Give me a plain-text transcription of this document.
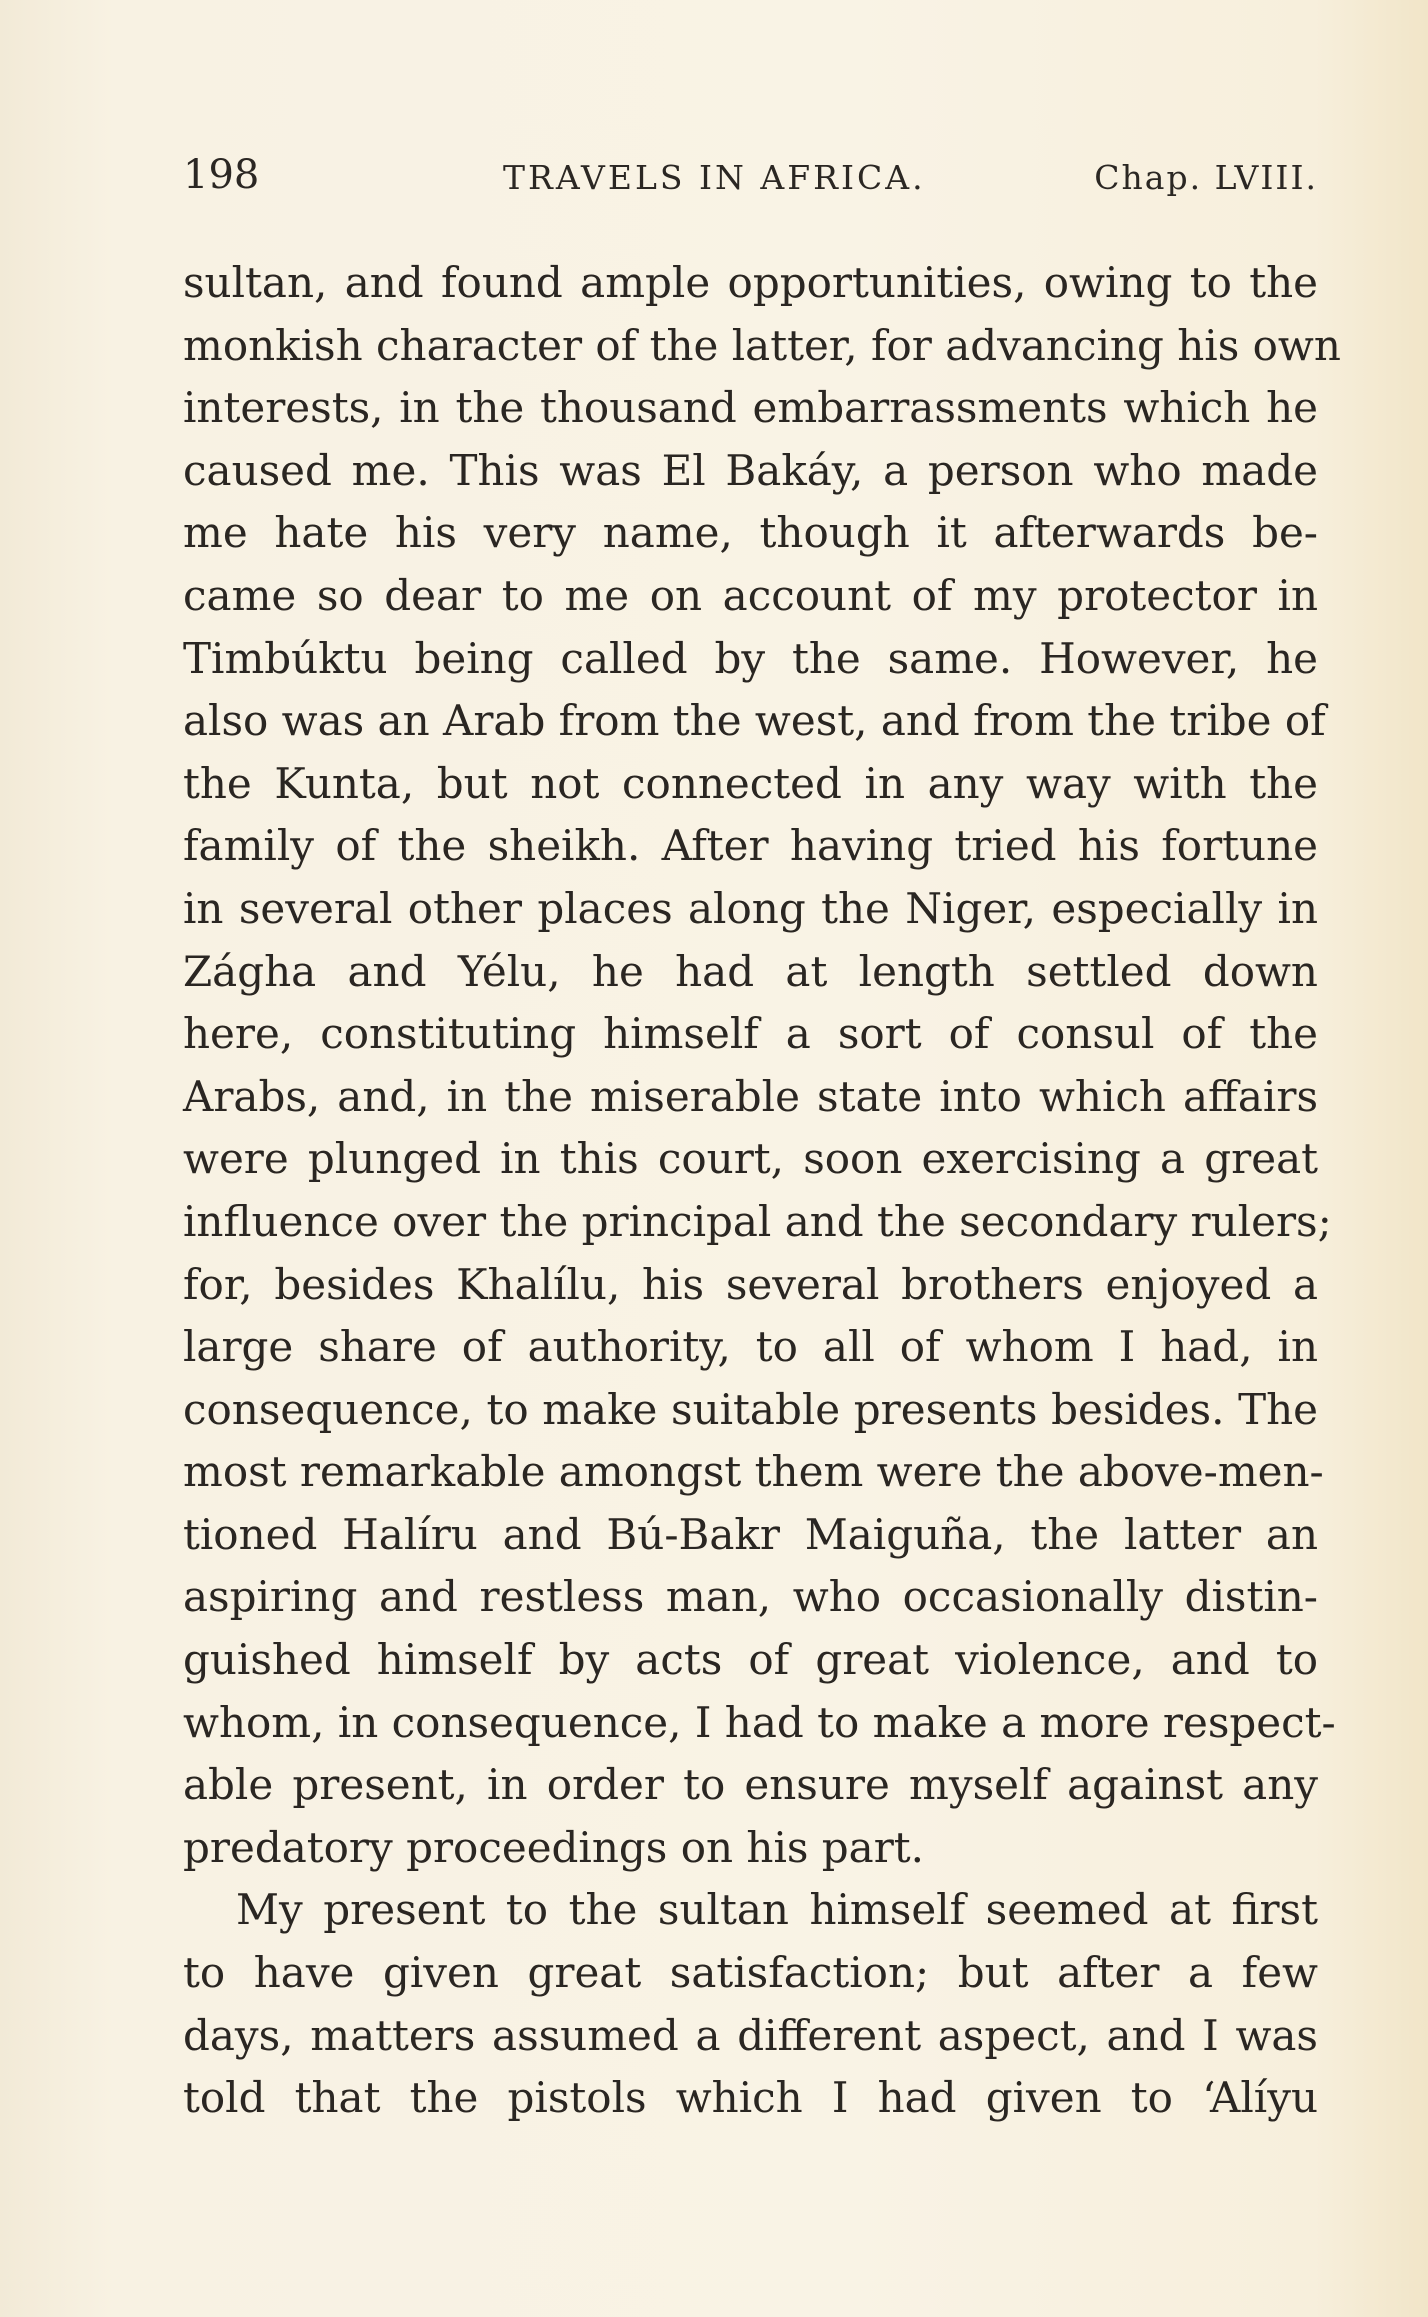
198	TRAVELS IN AFRICA.	Chap. LVIII.
sultan, and found ample opportunities, owing to the
monkish character of the latter, for advancing his own
interests, in the thousand embarrassments which he
caused me. This was El Bakáy, a person who made
me hate his very name, though it afterwards be-
came so dear to me on account of my protector in
Timbúktu being called by the same. However, he
also was an Arab from the west, and from the tribe of
the Kunta, but not connected in any way with the
family of the sheikh. After having tried his fortune
in several other places along the Niger, especially in
Zágha and Yélu, he had at length settled down
here, constituting himself a sort of consul of the
Arabs, and, in the miserable state into which affairs
were plunged in this court, soon exercising a great
influence over the principal and the secondary rulers;
for, besides Khalílu, his several brothers enjoyed a
large share of authority, to all of whom I had, in
consequence, to make suitable presents besides. The
most remarkable amongst them were the above-men-
tioned Halíru and Bú-Bakr Maiguña, the latter an
aspiring and restless man, who occasionally distin-
guished himself by acts of great violence, and to
whom, in consequence, I had to make a more respect-
able present, in order to ensure myself against any
predatory proceedings on his part.
My present to the sultan himself seemed at first
to have given great satisfaction; but after a few
days, matters assumed a different aspect, and I was
told that the pistols which I had given to ʻAlíyu
